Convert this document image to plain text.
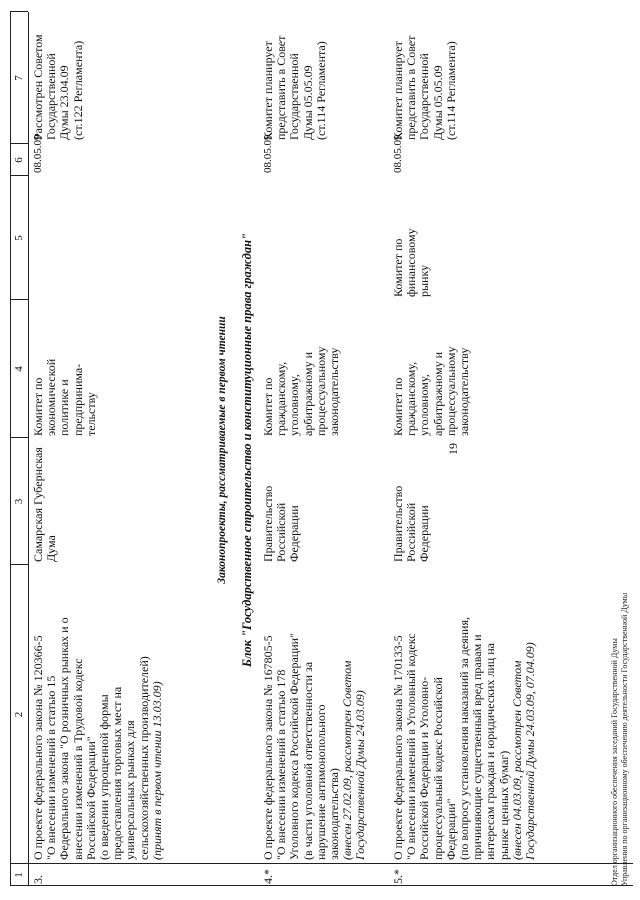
19
1
2
3
4
5
6
7
3.
О проекте федерального закона № 120366-5 "О внесении изменений в статью 15 Федерального закона "О розничных рынках и о внесении изменений в Трудовой кодекс Российской Федерации" (о введении упрощенной формы предоставления торговых мест на универсальных рынках для сельскохозяйственных производителей) (принят в первом чтении 13.03.09)
Самарская Губернская Дума
Комитет по экономической политике и предпринима- тельству
08.05.09
Рассмотрен Советом Государственной Думы 23.04.09 (ст.122 Регламента)
Законопроекты, рассматриваемые в первом чтении Блок "Государственное строительство и конституционные права граждан"
4.*
О проекте федерального закона № 167805-5 "О внесении изменений в статью 178 Уголовного кодекса Российской Федерации" (в части уголовной ответственности за нарушение антимонопольного законодательства) (внесен 27.02.09, рассмотрен Советом Государственной Думы 24.03.09)
Правительство Российской Федерации
Комитет по гражданскому, уголовному, арбитражному и процессуальному законодательству
08.05.09
Комитет планирует представить в Совет Государственной Думы 05.05.09 (ст.114 Регламента)
5.*
О проекте федерального закона № 170133-5 "О внесении изменений в Уголовный кодекс Российской Федерации и Уголовно- процессуальный кодекс Российской Федерации" (по вопросу установления наказаний за деяния, причиняющие существенный вред правам и интересам граждан и юридических лиц на рынке ценных бумаг) (внесен 04.03.09, рассмотрен Советом Государственной Думы 24.03.09, 07.04.09)
Правительство Российской Федерации
Комитет по гражданскому, уголовному, арбитражному и процессуальному законодательству
Комитет по финансовому рынку
08.05.09
Комитет планирует представить в Совет Государственной Думы 05.05.09 (ст.114 Регламента)
Отдел организационного обеспечения заседаний Государственной Думы Управления по организационному обеспечению деятельности Государственной Думы
